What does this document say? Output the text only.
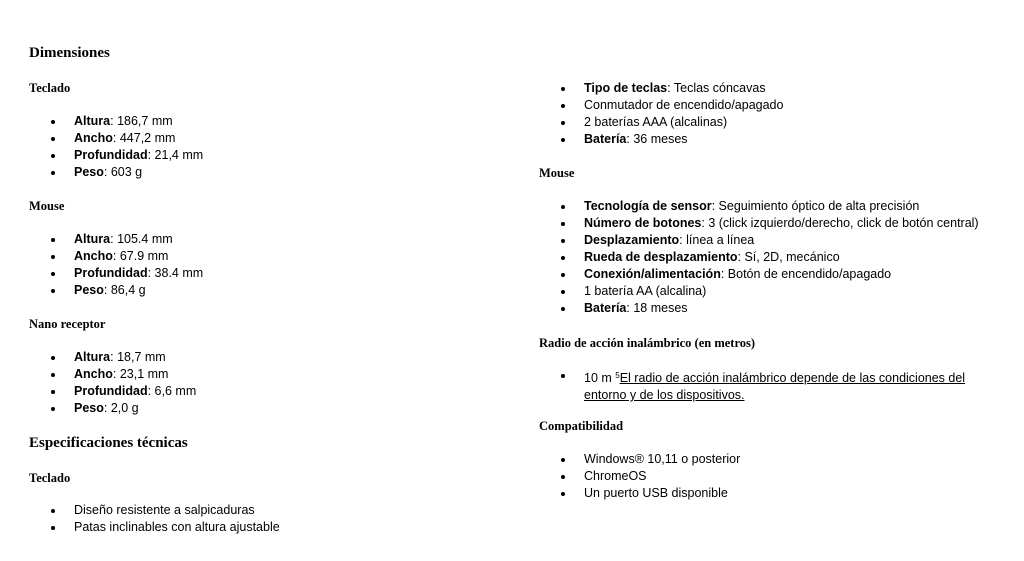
Dimensiones
Teclado
Altura: 186,7 mm
Ancho: 447,2 mm
Profundidad: 21,4 mm
Peso: 603 g
Mouse
Altura: 105.4 mm
Ancho: 67.9 mm
Profundidad: 38.4 mm
Peso: 86,4 g
Nano receptor
Altura: 18,7 mm
Ancho: 23,1 mm
Profundidad: 6,6 mm
Peso: 2,0 g
Especificaciones técnicas
Teclado
Diseño resistente a salpicaduras
Patas inclinables con altura ajustable
Tipo de teclas: Teclas cóncavas
Conmutador de encendido/apagado
2 baterías AAA (alcalinas)
Batería: 36 meses
Mouse
Tecnología de sensor: Seguimiento óptico de alta precisión
Número de botones: 3 (click izquierdo/derecho, click de botón central)
Desplazamiento: línea a línea
Rueda de desplazamiento: Sí, 2D, mecánico
Conexión/alimentación: Botón de encendido/apagado
1 batería AA (alcalina)
Batería: 18 meses
Radio de acción inalámbrico (en metros)
10 m $^5$El radio de acción inalámbrico depende de las condiciones del entorno y de los dispositivos.
Compatibilidad
Windows® 10,11 o posterior
ChromeOS
Un puerto USB disponible
